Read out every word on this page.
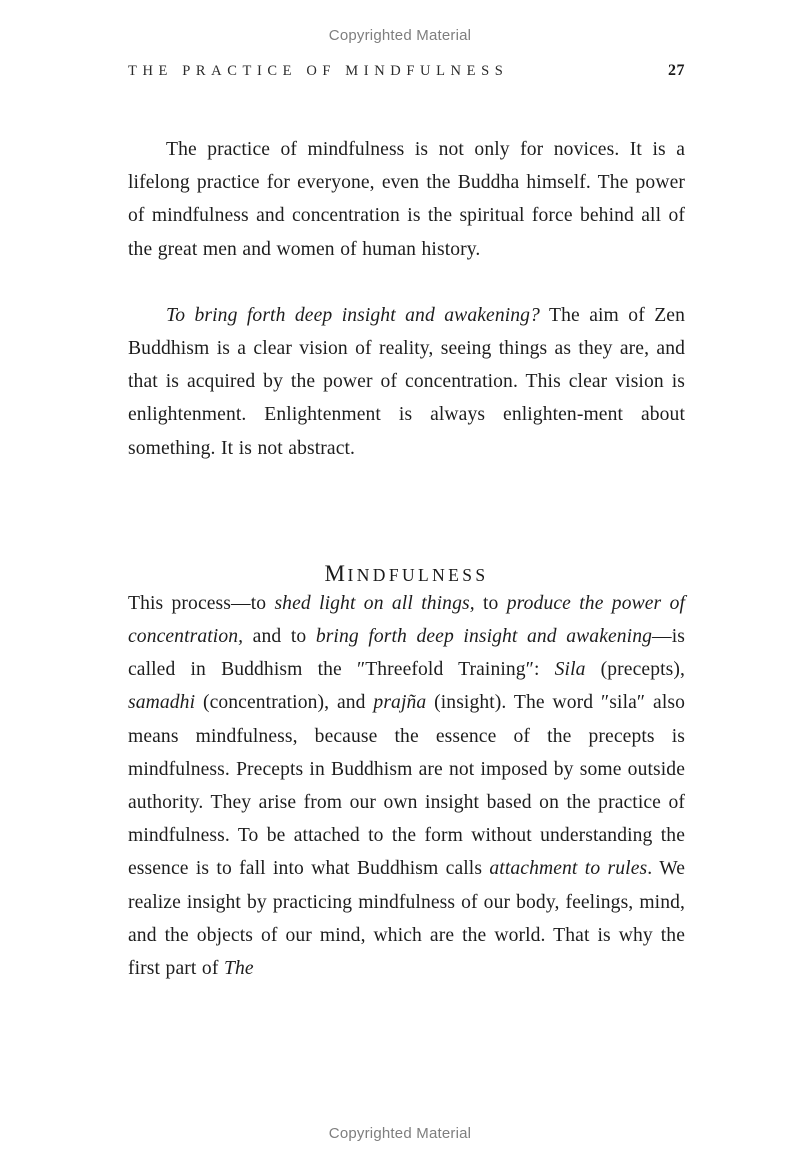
Copyrighted Material
THE PRACTICE OF MINDFULNESS	27

The practice of mindfulness is not only for novices. It is a lifelong practice for everyone, even the Buddha himself. The power of mindfulness and concentration is the spiritual force behind all of the great men and women of human history.

To bring forth deep insight and awakening? The aim of Zen Buddhism is a clear vision of reality, seeing things as they are, and that is acquired by the power of concentration. This clear vision is enlightenment. Enlightenment is always enlighten‑ment about something. It is not abstract.

MINDFULNESS

This process—to shed light on all things, to produce the power of concentration, and to bring forth deep insight and awakening—is called in Buddhism the ″Threefold Training″: Sila (precepts), samadhi (concentration), and prajña (insight). The word ″sila″ also means mindfulness, because the essence of the precepts is mindfulness. Precepts in Buddhism are not imposed by some outside authority. They arise from our own insight based on the practice of mindfulness. To be attached to the form without understanding the essence is to fall into what Buddhism calls attachment to rules. We realize insight by practicing mindfulness of our body, feelings, mind, and the objects of our mind, which are the world. That is why the first part of The

Copyrighted Material
